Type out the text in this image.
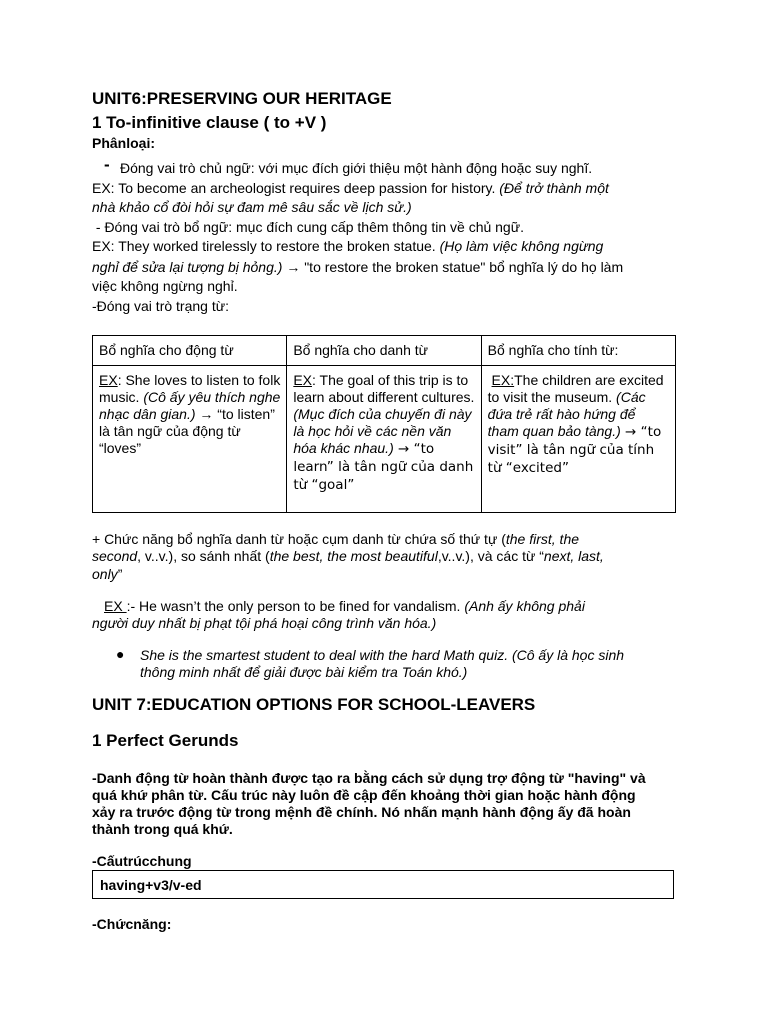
UNIT6:PRESERVING OUR HERITAGE
1 To-infinitive clause ( to +V )
Phânloại:
- Đóng vai trò chủ ngữ: với mục đích giới thiệu một hành động hoặc suy nghĩ.
EX: To become an archeologist requires deep passion for history. (Để trở thành một
nhà khảo cổ đòi hỏi sự đam mê sâu sắc về lịch sử.)
- Đóng vai trò bổ ngữ: mục đích cung cấp thêm thông tin về chủ ngữ.
EX: They worked tirelessly to restore the broken statue. (Họ làm việc không ngừng
nghỉ để sửa lại tượng bị hỏng.) → "to restore the broken statue" bổ nghĩa lý do họ làm
việc không ngừng nghỉ.
-Đóng vai trò trạng từ:
Bổ nghĩa cho động từ	Bổ nghĩa cho danh từ	Bổ nghĩa cho tính từ:
EX: She loves to listen to folk music. (Cô ấy yêu thích nghe nhạc dân gian.) → “to listen” là tân ngữ của động từ “loves”	EX: The goal of this trip is to learn about different cultures. (Mục đích của chuyến đi này là học hỏi về các nền văn hóa khác nhau.) → “to learn” là tân ngữ của danh từ “goal”	EX:The children are excited to visit the museum. (Các đứa trẻ rất hào hứng để tham quan bảo tàng.) → “to visit” là tân ngữ của tính từ “excited”
+ Chức năng bổ nghĩa danh từ hoặc cụm danh từ chứa số thứ tự (the first, the
second, v..v.), so sánh nhất (the best, the most beautiful,v..v.), và các từ “next, last,
only”
EX :- He wasn’t the only person to be fined for vandalism. (Anh ấy không phải
người duy nhất bị phạt tội phá hoại công trình văn hóa.)
● She is the smartest student to deal with the hard Math quiz. (Cô ấy là học sinh
thông minh nhất để giải được bài kiểm tra Toán khó.)
UNIT 7:EDUCATION OPTIONS FOR SCHOOL-LEAVERS
1 Perfect Gerunds
-Danh động từ hoàn thành được tạo ra bằng cách sử dụng trợ động từ "having" và
quá khứ phân từ. Cấu trúc này luôn đề cập đến khoảng thời gian hoặc hành động
xảy ra trước động từ trong mệnh đề chính. Nó nhấn mạnh hành động ấy đã hoàn
thành trong quá khứ.
-Cấutrúcchung
having+v3/v-ed
-Chứcnăng:
